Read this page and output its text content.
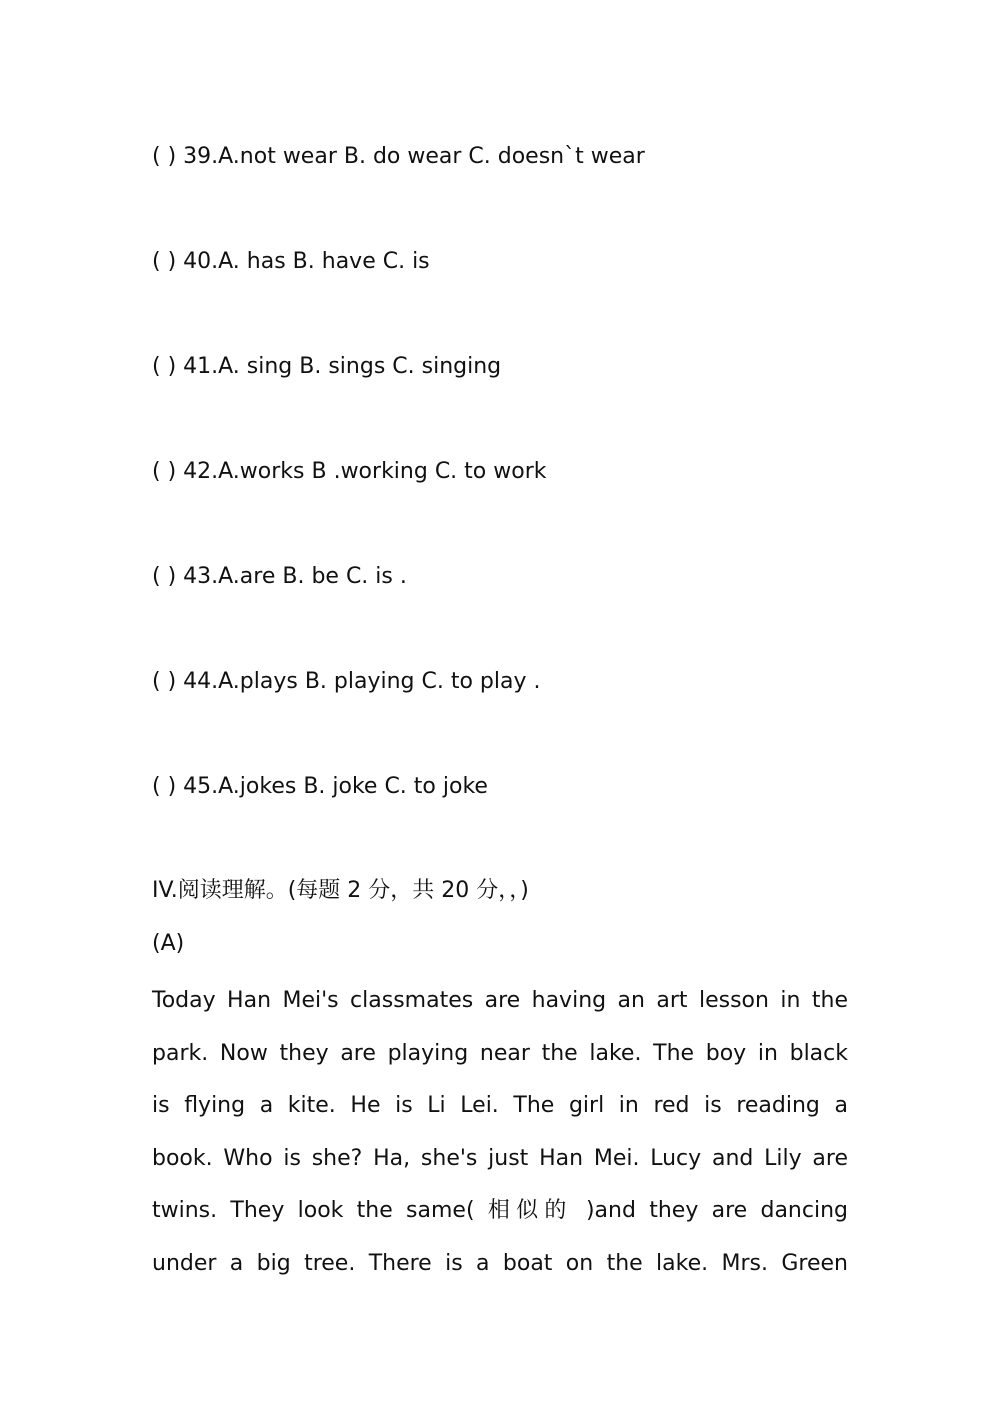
( ) 39.A.not wear B. do wear C. doesn`t wear
( ) 40.A. has B. have C. is
( ) 41.A. sing B. sings C. singing
( ) 42.A.works B .working C. to work
( ) 43.A.are B. be C. is .
( ) 44.A.plays B. playing C. to play .
( ) 45.A.jokes B. joke C. to joke
IV.阅读理解。(每题 2 分，共 20 分，，)
(A)
Today Han Mei's classmates are having an art lesson in the
park. Now they are playing near the lake. The boy in black
is flying a kite. He is Li Lei. The girl in red is reading a
book. Who is she? Ha, she's just Han Mei. Lucy and Lily are
twins. They look the same( 相似的 )and they are dancing
under a big tree. There is a boat on the lake. Mrs. Green
